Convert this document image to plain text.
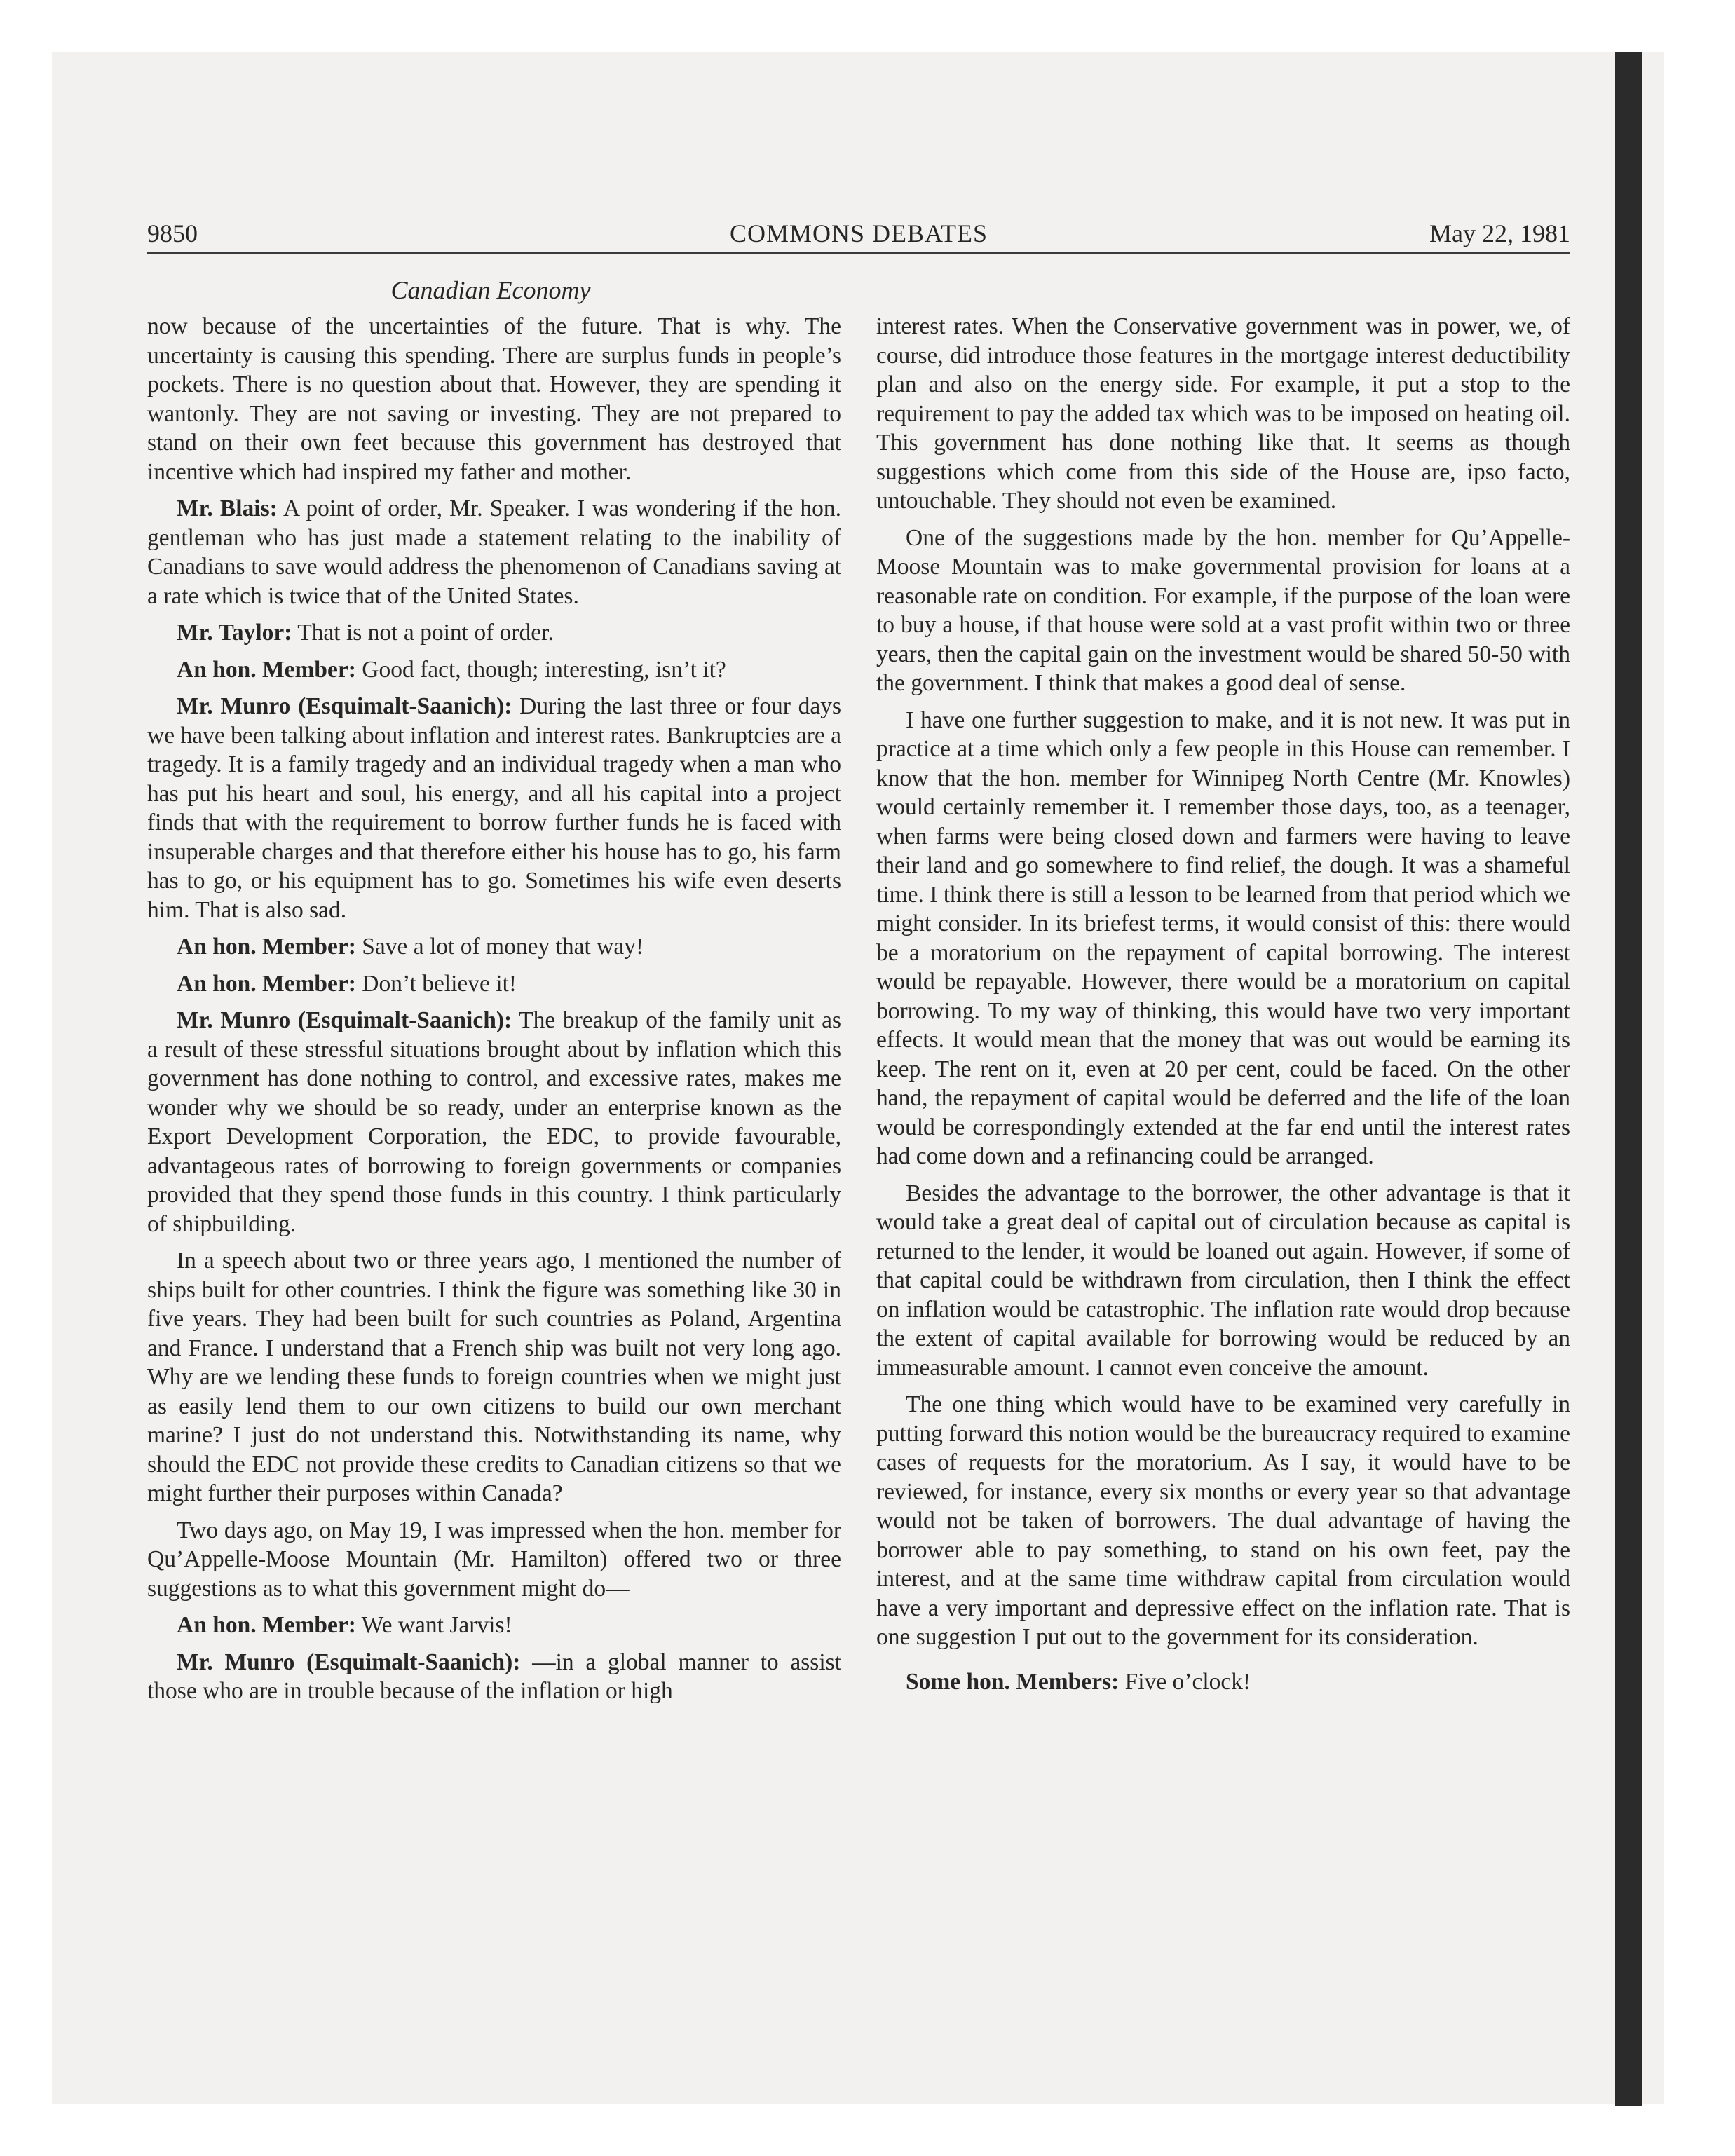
9850	COMMONS DEBATES	May 22, 1981
Canadian Economy

now because of the uncertainties of the future. That is why. The uncertainty is causing this spending. There are surplus funds in people’s pockets. There is no question about that. However, they are spending it wantonly. They are not saving or investing. They are not prepared to stand on their own feet because this government has destroyed that incentive which had inspired my father and mother.

Mr. Blais: A point of order, Mr. Speaker. I was wondering if the hon. gentleman who has just made a statement relating to the inability of Canadians to save would address the phenomenon of Canadians saving at a rate which is twice that of the United States.

Mr. Taylor: That is not a point of order.

An hon. Member: Good fact, though; interesting, isn’t it?

Mr. Munro (Esquimalt-Saanich): During the last three or four days we have been talking about inflation and interest rates. Bankruptcies are a tragedy. It is a family tragedy and an individual tragedy when a man who has put his heart and soul, his energy, and all his capital into a project finds that with the requirement to borrow further funds he is faced with insuperable charges and that therefore either his house has to go, his farm has to go, or his equipment has to go. Sometimes his wife even deserts him. That is also sad.

An hon. Member: Save a lot of money that way!

An hon. Member: Don’t believe it!

Mr. Munro (Esquimalt-Saanich): The breakup of the family unit as a result of these stressful situations brought about by inflation which this government has done nothing to control, and excessive rates, makes me wonder why we should be so ready, under an enterprise known as the Export Development Corporation, the EDC, to provide favourable, advantageous rates of borrowing to foreign governments or companies provided that they spend those funds in this country. I think particularly of shipbuilding.

In a speech about two or three years ago, I mentioned the number of ships built for other countries. I think the figure was something like 30 in five years. They had been built for such countries as Poland, Argentina and France. I understand that a French ship was built not very long ago. Why are we lending these funds to foreign countries when we might just as easily lend them to our own citizens to build our own merchant marine? I just do not understand this. Notwithstanding its name, why should the EDC not provide these credits to Canadian citizens so that we might further their purposes within Canada?

Two days ago, on May 19, I was impressed when the hon. member for Qu’Appelle-Moose Mountain (Mr. Hamilton) offered two or three suggestions as to what this government might do—

An hon. Member: We want Jarvis!

Mr. Munro (Esquimalt-Saanich): —in a global manner to assist those who are in trouble because of the inflation or high

interest rates. When the Conservative government was in power, we, of course, did introduce those features in the mortgage interest deductibility plan and also on the energy side. For example, it put a stop to the requirement to pay the added tax which was to be imposed on heating oil. This government has done nothing like that. It seems as though suggestions which come from this side of the House are, ipso facto, untouchable. They should not even be examined.

One of the suggestions made by the hon. member for Qu’Appelle-Moose Mountain was to make governmental provision for loans at a reasonable rate on condition. For example, if the purpose of the loan were to buy a house, if that house were sold at a vast profit within two or three years, then the capital gain on the investment would be shared 50-50 with the government. I think that makes a good deal of sense.

I have one further suggestion to make, and it is not new. It was put in practice at a time which only a few people in this House can remember. I know that the hon. member for Winnipeg North Centre (Mr. Knowles) would certainly remember it. I remember those days, too, as a teenager, when farms were being closed down and farmers were having to leave their land and go somewhere to find relief, the dough. It was a shameful time. I think there is still a lesson to be learned from that period which we might consider. In its briefest terms, it would consist of this: there would be a moratorium on the repayment of capital borrowing. The interest would be repayable. However, there would be a moratorium on capital borrowing. To my way of thinking, this would have two very important effects. It would mean that the money that was out would be earning its keep. The rent on it, even at 20 per cent, could be faced. On the other hand, the repayment of capital would be deferred and the life of the loan would be correspondingly extended at the far end until the interest rates had come down and a refinancing could be arranged.

Besides the advantage to the borrower, the other advantage is that it would take a great deal of capital out of circulation because as capital is returned to the lender, it would be loaned out again. However, if some of that capital could be withdrawn from circulation, then I think the effect on inflation would be catastrophic. The inflation rate would drop because the extent of capital available for borrowing would be reduced by an immeasurable amount. I cannot even conceive the amount.

The one thing which would have to be examined very carefully in putting forward this notion would be the bureaucracy required to examine cases of requests for the moratorium. As I say, it would have to be reviewed, for instance, every six months or every year so that advantage would not be taken of borrowers. The dual advantage of having the borrower able to pay something, to stand on his own feet, pay the interest, and at the same time withdraw capital from circulation would have a very important and depressive effect on the inflation rate. That is one suggestion I put out to the government for its consideration.

Some hon. Members: Five o’clock!
